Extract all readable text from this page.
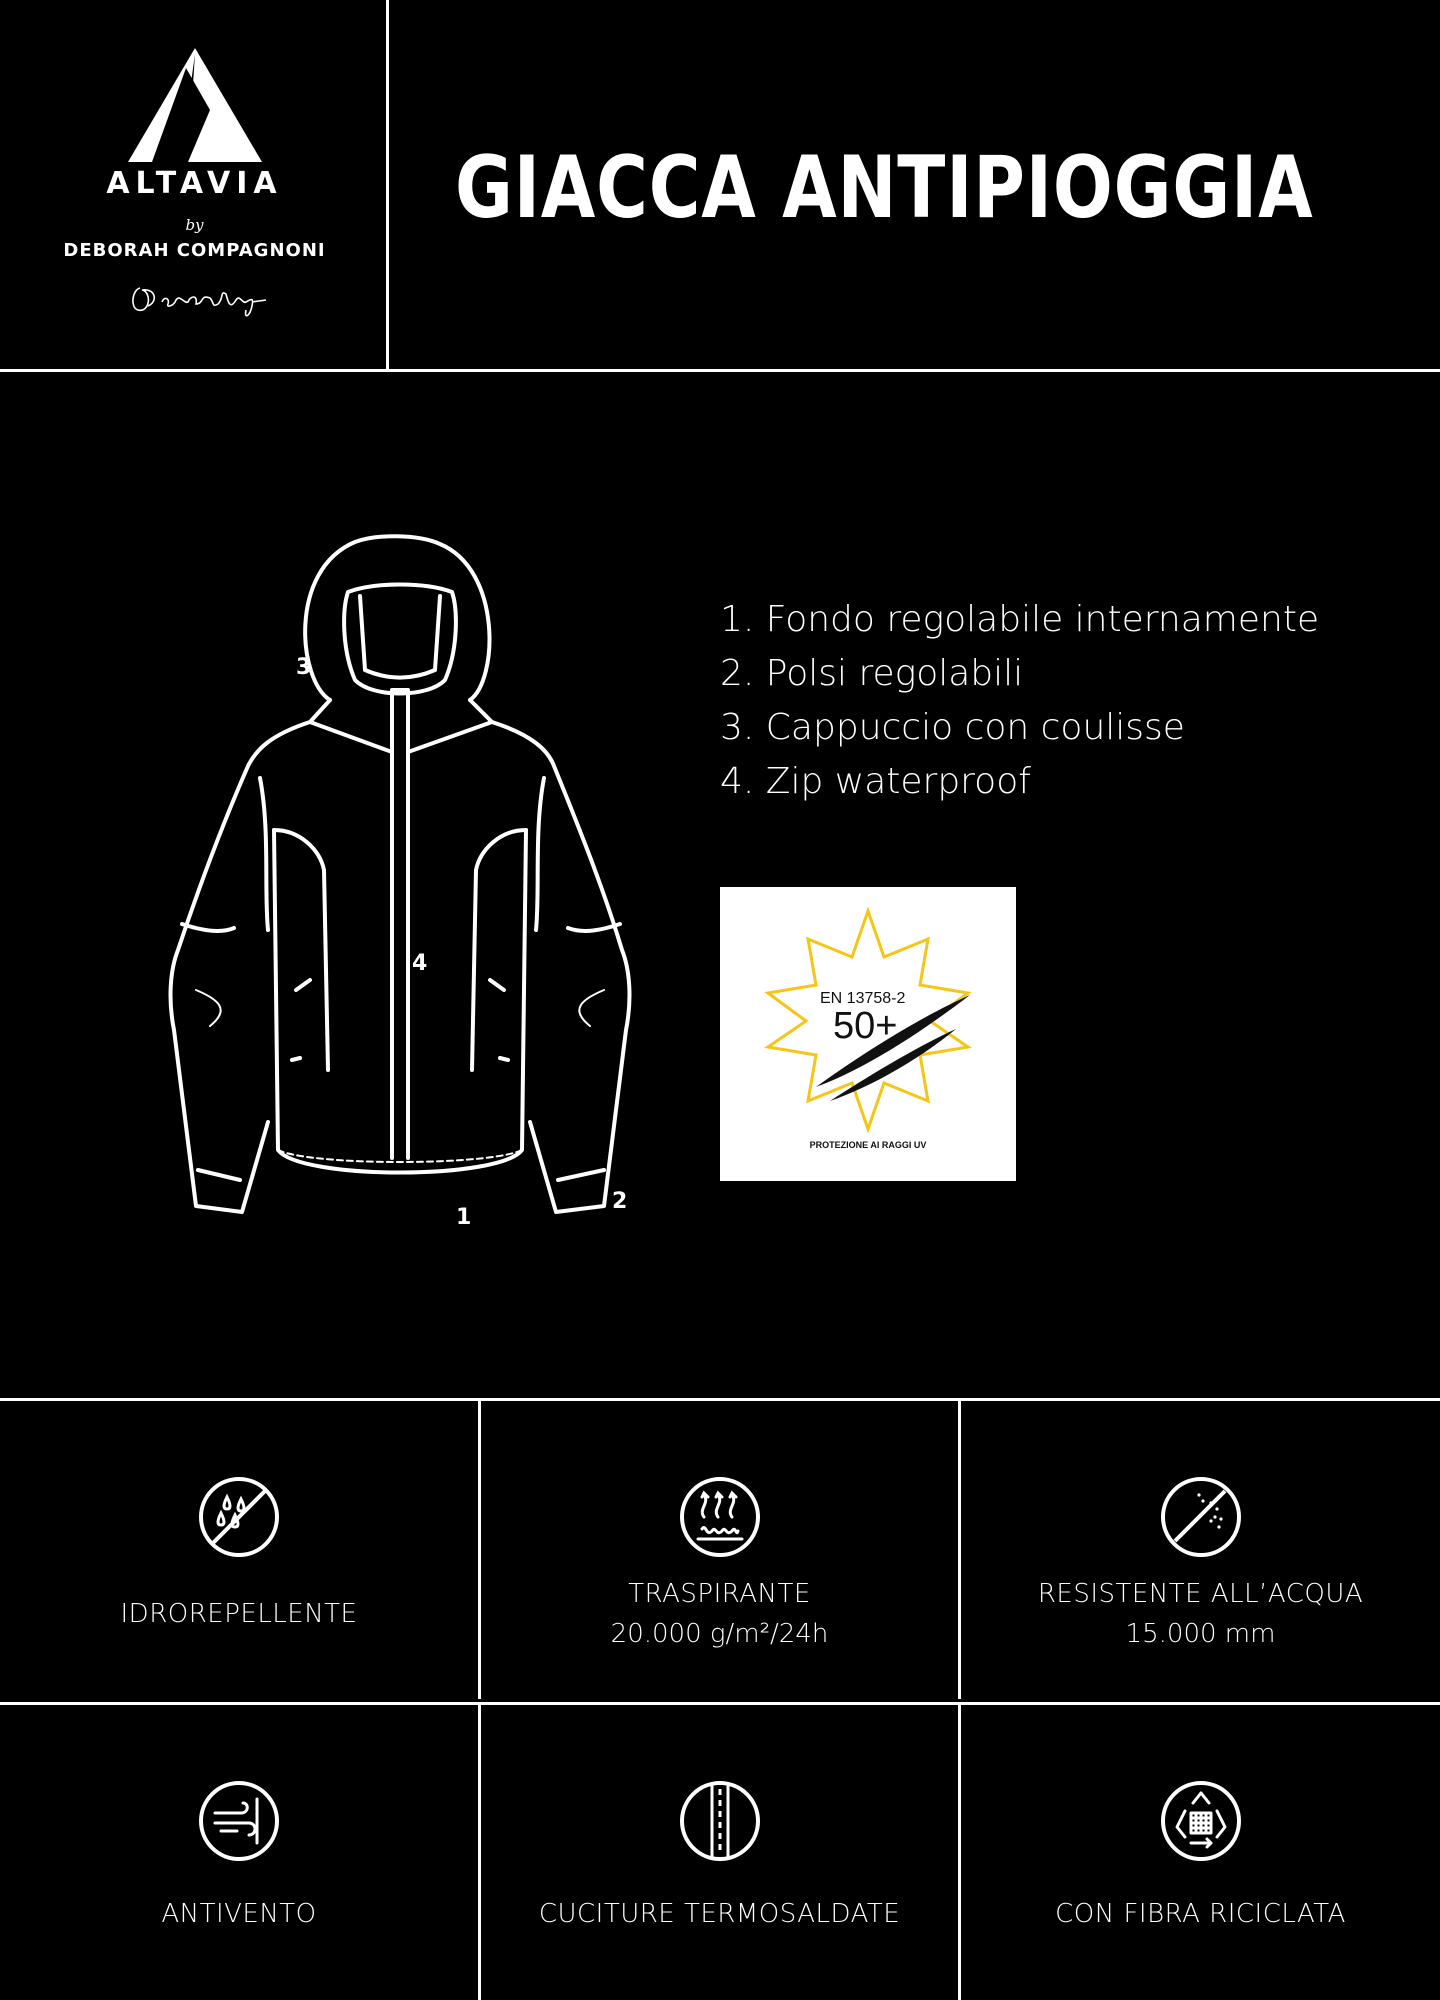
ALTAVIA
by
DEBORAH COMPAGNONI
GIACCA ANTIPIOGGIA
3
4
1
2
1. Fondo regolabile internamente
2. Polsi regolabili
3. Cappuccio con coulisse
4. Zip waterproof
EN 13758-2
50+
PROTEZIONE AI RAGGI UV
IDROREPELLENTE
TRASPIRANTE
20.000 g/m²/24h
RESISTENTE ALL’ACQUA
15.000 mm
ANTIVENTO	CUCITURE TERMOSALDATE	CON FIBRA RICICLATA
